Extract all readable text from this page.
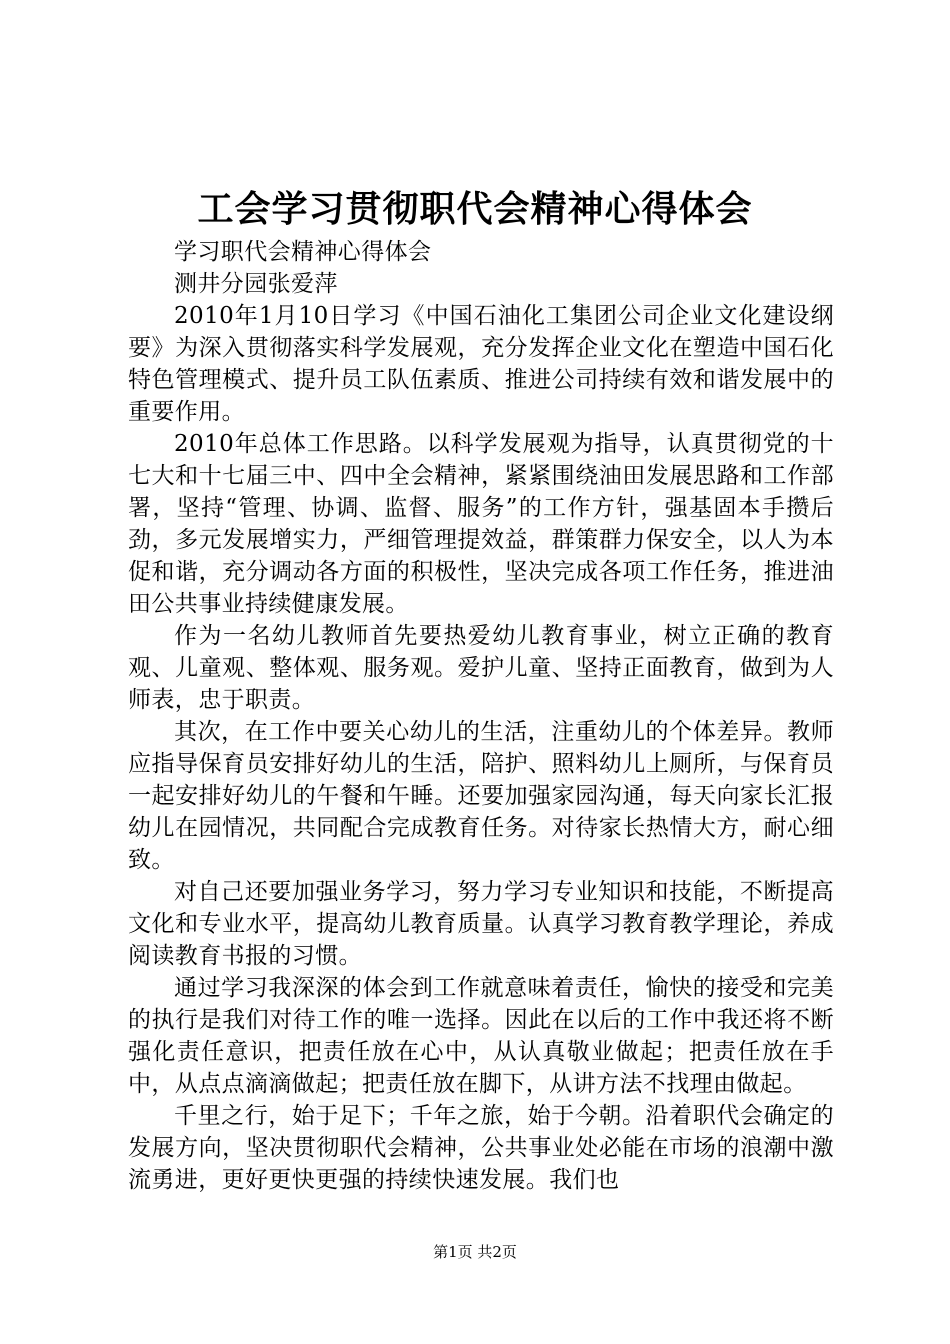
工会学习贯彻职代会精神心得体会

学习职代会精神心得体会

测井分园张爱萍

2010年1月10日学习《中国石油化工集团公司企业文化建设纲要》为深入贯彻落实科学发展观，充分发挥企业文化在塑造中国石化特色管理模式、提升员工队伍素质、推进公司持续有效和谐发展中的重要作用。

2010年总体工作思路。以科学发展观为指导，认真贯彻党的十七大和十七届三中、四中全会精神，紧紧围绕油田发展思路和工作部署，坚持“管理、协调、监督、服务”的工作方针，强基固本手攒后劲，多元发展增实力，严细管理提效益，群策群力保安全，以人为本促和谐，充分调动各方面的积极性，坚决完成各项工作任务，推进油田公共事业持续健康发展。

作为一名幼儿教师首先要热爱幼儿教育事业，树立正确的教育观、儿童观、整体观、服务观。爱护儿童、坚持正面教育，做到为人师表，忠于职责。

其次，在工作中要关心幼儿的生活，注重幼儿的个体差异。教师应指导保育员安排好幼儿的生活，陪护、照料幼儿上厕所，与保育员一起安排好幼儿的午餐和午睡。还要加强家园沟通，每天向家长汇报幼儿在园情况，共同配合完成教育任务。对待家长热情大方，耐心细致。

对自己还要加强业务学习，努力学习专业知识和技能，不断提高文化和专业水平，提高幼儿教育质量。认真学习教育教学理论，养成阅读教育书报的习惯。

通过学习我深深的体会到工作就意味着责任，愉快的接受和完美的执行是我们对待工作的唯一选择。因此在以后的工作中我还将不断强化责任意识，把责任放在心中，从认真敬业做起；把责任放在手中，从点点滴滴做起；把责任放在脚下，从讲方法不找理由做起。

千里之行，始于足下；千年之旅，始于今朝。沿着职代会确定的发展方向，坚决贯彻职代会精神，公共事业处必能在市场的浪潮中激流勇进，更好更快更强的持续快速发展。我们也

第1页 共2页
